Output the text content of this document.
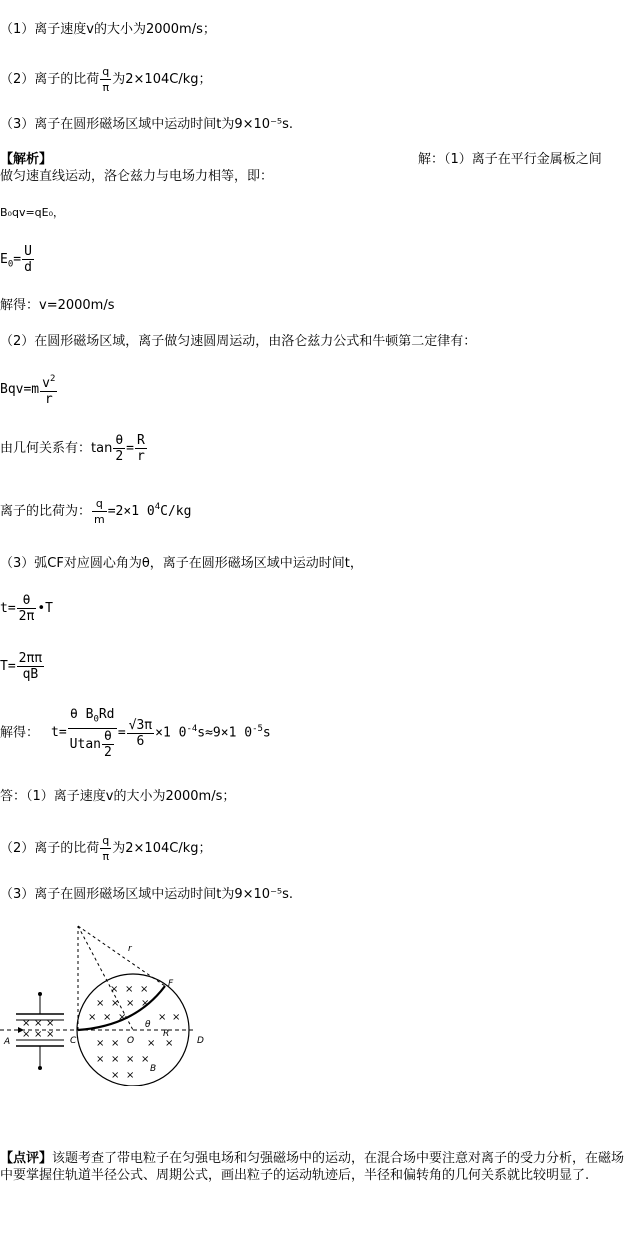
（1）离子速度v的大小为2000m/s；
（2）离子的比荷 $\frac{q}{\pi}$ 为2×104C/kg；
（3）离子在圆形磁场区域中运动时间t为9×10⁻⁵s.
【解析】	解：（1）离子在平行金属板之间
做匀速直线运动，洛仑兹力与电场力相等，即：
B₀qv=qE₀，
$E_0= \frac{U}{d}$
解得：v=2000m/s
（2）在圆形磁场区域，离子做匀速圆周运动，由洛仑兹力公式和牛顿第二定律有：
$Bqv=m \frac{v^2}{r}$
由几何关系有：$\tan \frac{\theta}{2} = \frac{R}{r}$
离子的比荷为： $\frac{q}{m} =2\times 1$ $0^4C/kg$
（3）弧CF对应圆心角为θ，离子在圆形磁场区域中运动时间t，
$t= \frac{\theta}{2\pi}$ •T
$T= \frac{2\pi\pi}{qB}$
解得： $t= \frac{\theta B_0Rd}{Utan \frac{\theta}{2}} = \frac{√3\pi}{6} \times 1$ $0^{-4}s\approx 9\times 1$ $0^{-5}s$
答：（1）离子速度v的大小为2000m/s；
（2）离子的比荷 $\frac{q}{\pi}$ 为2×104C/kg；
（3）离子在圆形磁场区域中运动时间t为9×10⁻⁵s.
× × ×
× × ×
× × ×
× × × ×
× × ×	× ×
× ×	× ×
× × × ×
× ×
A	C	O	D
F
B
r
R
θ
【点评】该题考查了带电粒子在匀强电场和匀强磁场中的运动，在混合场中要注意对离子的受力分析，在磁场中要掌握住轨道半径公式、周期公式，画出粒子的运动轨迹后，半径和偏转角的几何关系就比较明显了.
